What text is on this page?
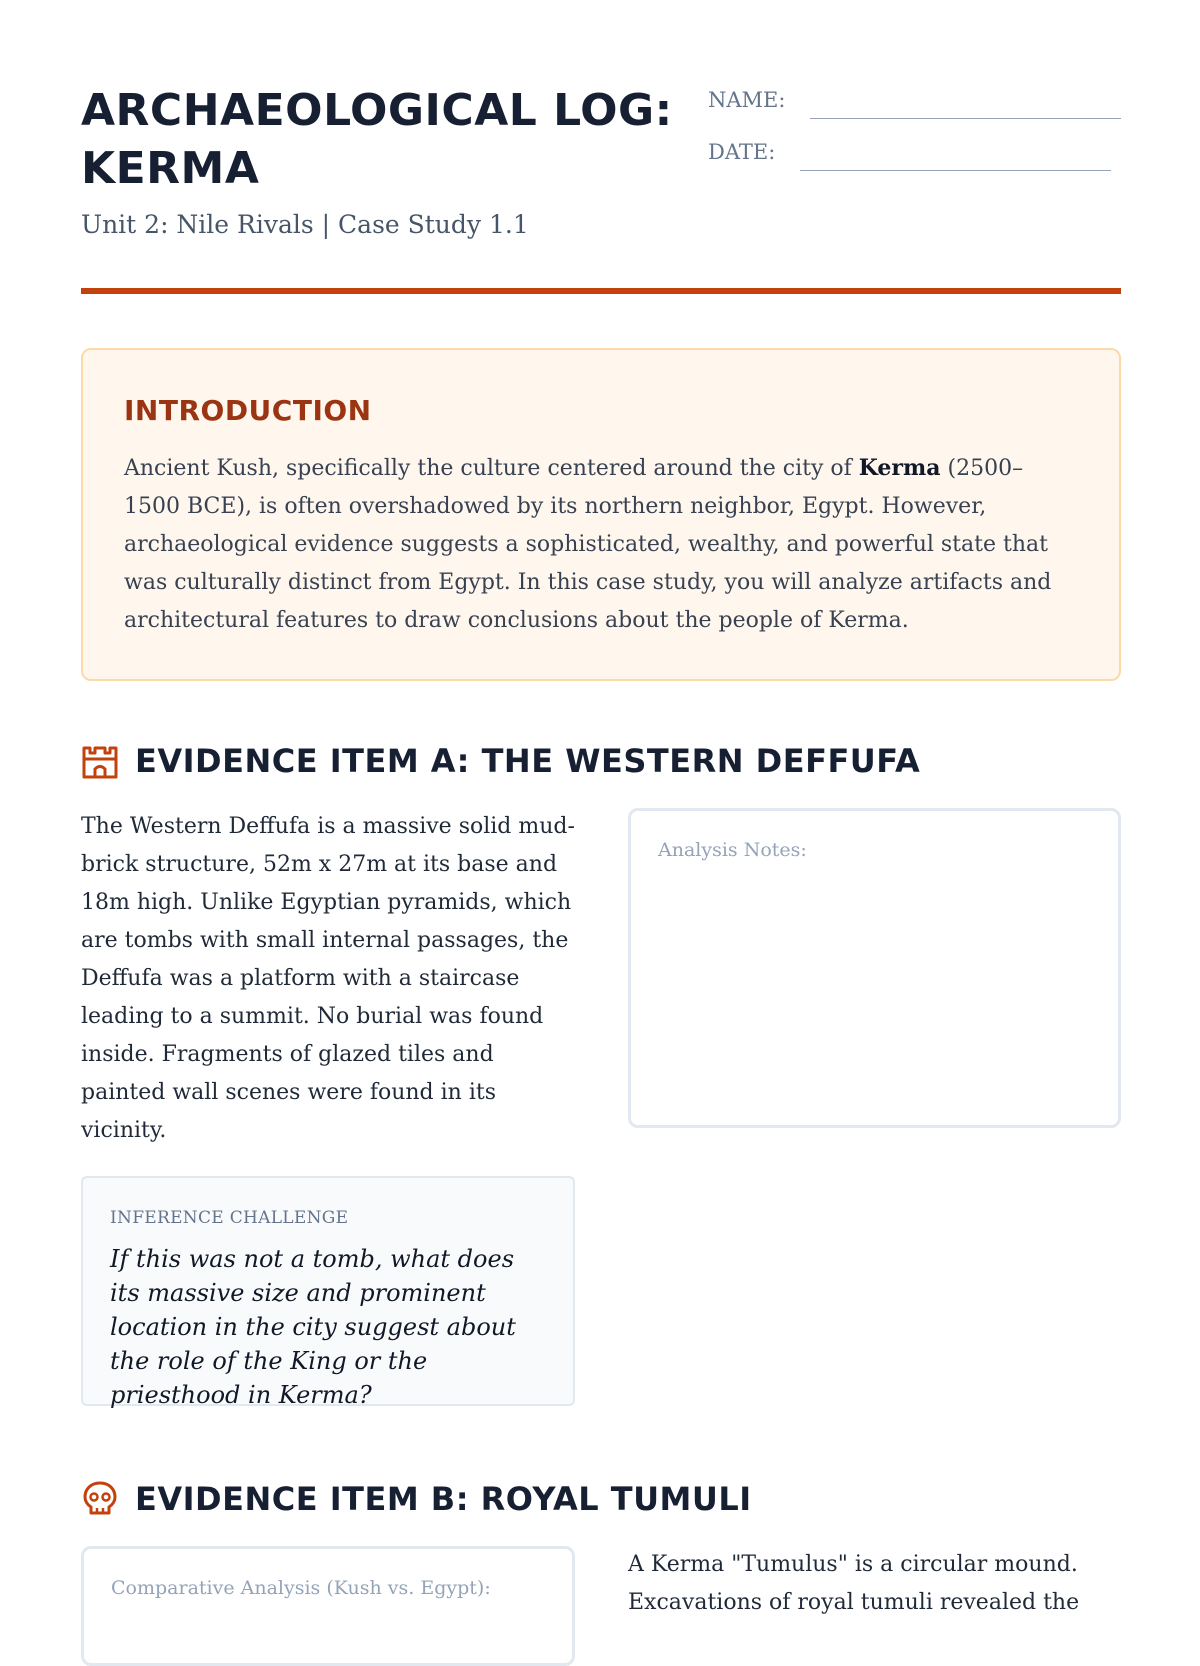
ARCHAEOLOGICAL LOG:
KERMA
Unit 2: Nile Rivals | Case Study 1.1
NAME:
DATE:
INTRODUCTION

Ancient Kush, specifically the culture centered around the city of Kerma (2500–1500 BCE), is often overshadowed by its northern neighbor, Egypt. However, archaeological evidence suggests a sophisticated, wealthy, and powerful state that was culturally distinct from Egypt. In this case study, you will analyze artifacts and architectural features to draw conclusions about the people of Kerma.

EVIDENCE ITEM A: THE WESTERN DEFFUFA
The Western Deffufa is a massive solid mud-brick structure, 52m x 27m at its base and 18m high. Unlike Egyptian pyramids, which are tombs with small internal passages, the Deffufa was a platform with a staircase leading to a summit. No burial was found inside. Fragments of glazed tiles and painted wall scenes were found in its vicinity.
Analysis Notes:
INFERENCE CHALLENGE
If this was not a tomb, what does its massive size and prominent location in the city suggest about the role of the King or the priesthood in Kerma?
EVIDENCE ITEM B: ROYAL TUMULI
Comparative Analysis (Kush vs. Egypt):
A Kerma "Tumulus" is a circular mound. Excavations of royal tumuli revealed the
